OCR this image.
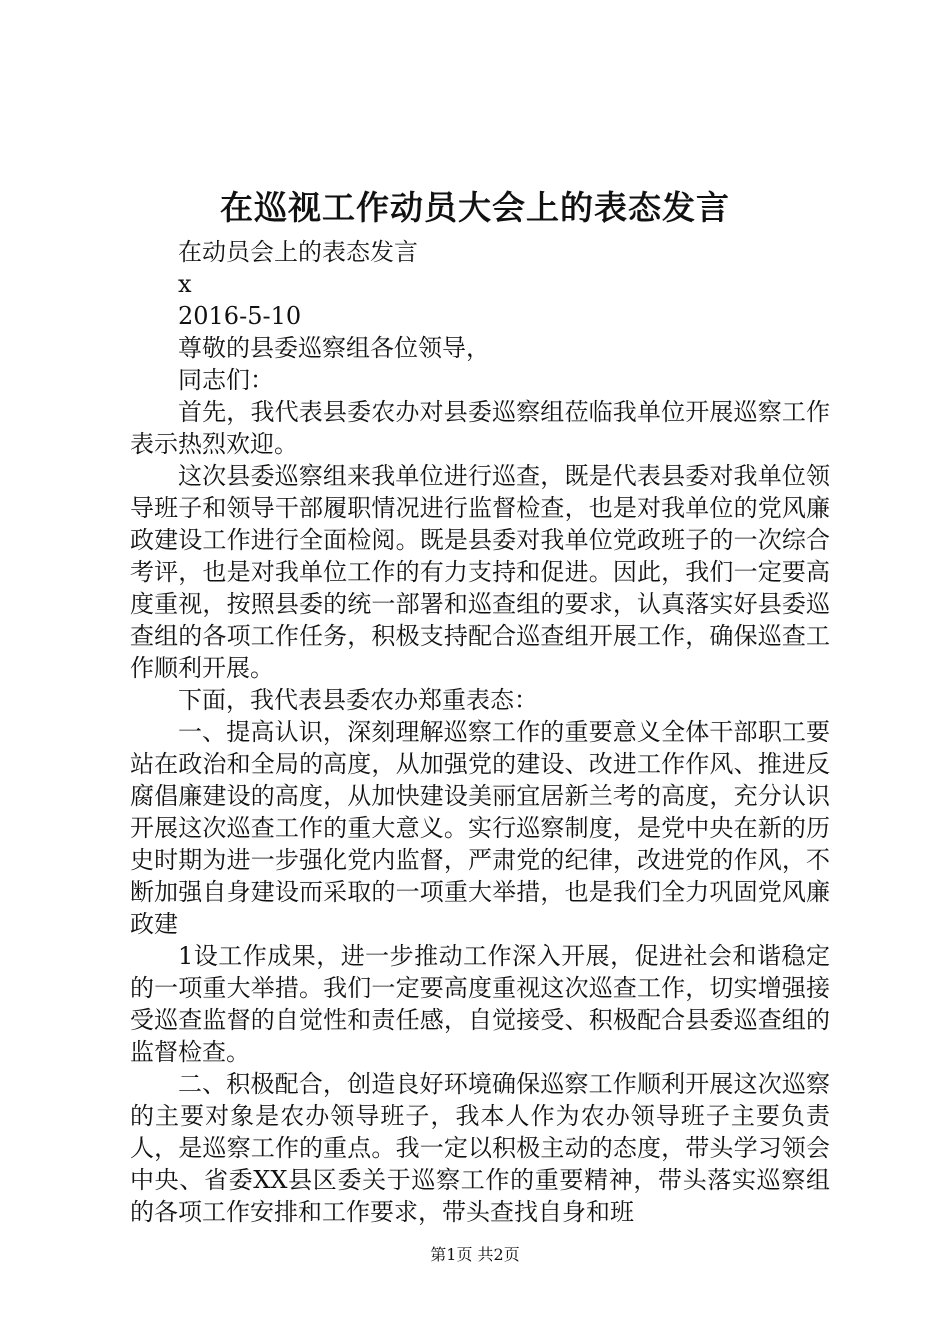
在巡视工作动员大会上的表态发言

在动员会上的表态发言

x

2016-5-10

尊敬的县委巡察组各位领导，

同志们：

首先，我代表县委农办对县委巡察组莅临我单位开展巡察工作表示热烈欢迎。

这次县委巡察组来我单位进行巡查，既是代表县委对我单位领导班子和领导干部履职情况进行监督检查，也是对我单位的党风廉政建设工作进行全面检阅。既是县委对我单位党政班子的一次综合考评，也是对我单位工作的有力支持和促进。因此，我们一定要高度重视，按照县委的统一部署和巡查组的要求，认真落实好县委巡查组的各项工作任务，积极支持配合巡查组开展工作，确保巡查工作顺利开展。

下面，我代表县委农办郑重表态：

一、提高认识，深刻理解巡察工作的重要意义全体干部职工要站在政治和全局的高度，从加强党的建设、改进工作作风、推进反腐倡廉建设的高度，从加快建设美丽宜居新兰考的高度，充分认识开展这次巡查工作的重大意义。实行巡察制度，是党中央在新的历史时期为进一步强化党内监督，严肃党的纪律，改进党的作风，不断加强自身建设而采取的一项重大举措，也是我们全力巩固党风廉政建

1设工作成果，进一步推动工作深入开展，促进社会和谐稳定的一项重大举措。我们一定要高度重视这次巡查工作，切实增强接受巡查监督的自觉性和责任感，自觉接受、积极配合县委巡查组的监督检查。

二、积极配合，创造良好环境确保巡察工作顺利开展这次巡察的主要对象是农办领导班子，我本人作为农办领导班子主要负责人，是巡察工作的重点。我一定以积极主动的态度，带头学习领会中央、省委XX县区委关于巡察工作的重要精神，带头落实巡察组的各项工作安排和工作要求，带头查找自身和班

第1页 共2页
